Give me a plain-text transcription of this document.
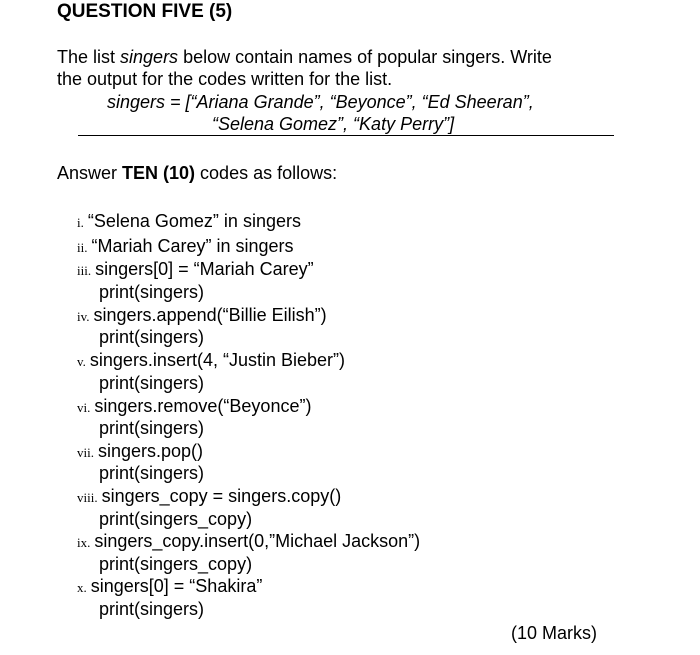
QUESTION FIVE (5)
The list singers below contain names of popular singers. Write
the output for the codes written for the list.
singers = [“Ariana Grande”, “Beyonce”, “Ed Sheeran”,
“Selena Gomez”, “Katy Perry”]
Answer TEN (10) codes as follows:
i. “Selena Gomez” in singers
ii. “Mariah Carey” in singers
iii. singers[0] = “Mariah Carey”
print(singers)
iv. singers.append(“Billie Eilish”)
print(singers)
v. singers.insert(4, “Justin Bieber”)
print(singers)
vi. singers.remove(“Beyonce”)
print(singers)
vii. singers.pop()
print(singers)
viii. singers_copy = singers.copy()
print(singers_copy)
ix. singers_copy.insert(0,”Michael Jackson”)
print(singers_copy)
x. singers[0] = “Shakira”
print(singers)
(10 Marks)
